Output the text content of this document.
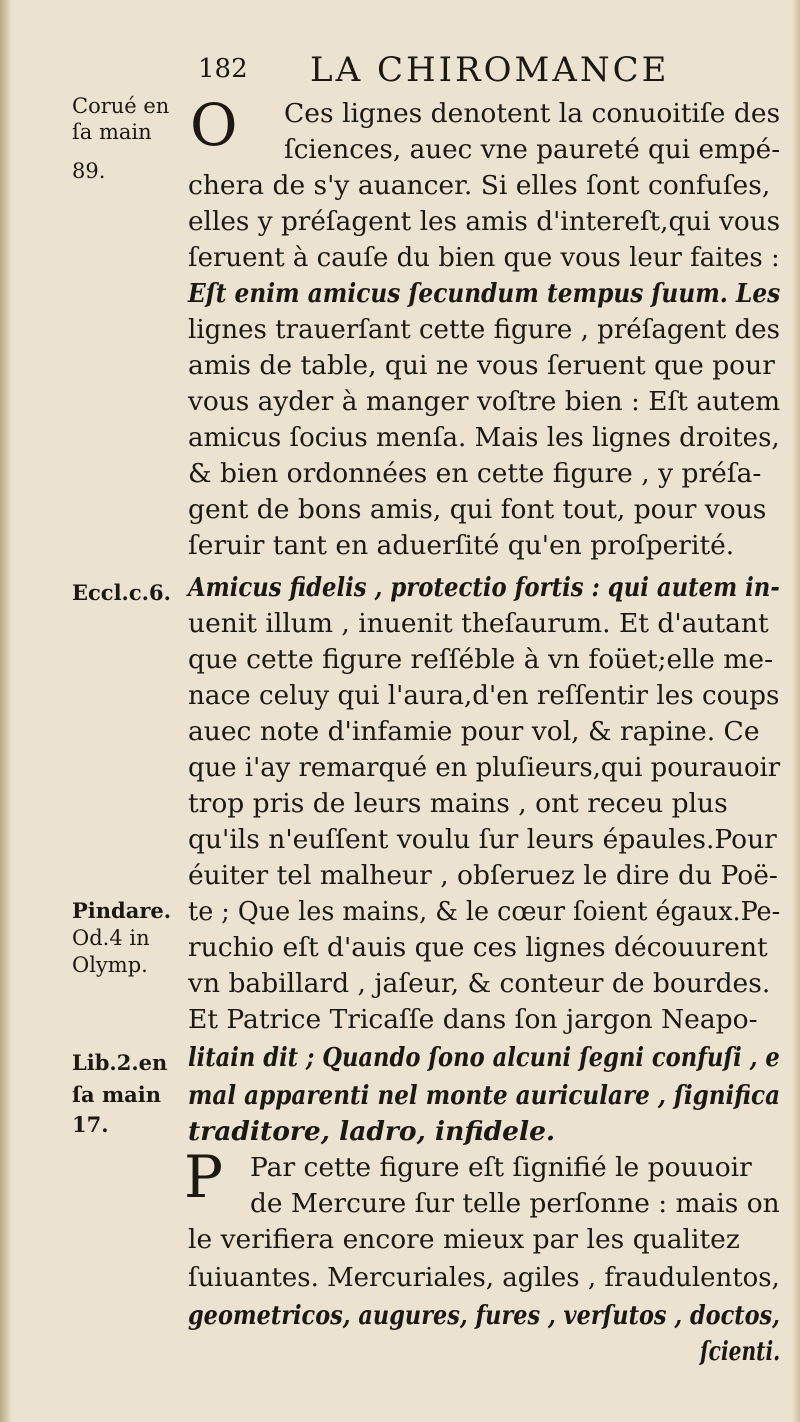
182 LA CHIROMANCE
Corué en
ſa main
89.
Eccl.c.6.
Pindare.
Od.4 in
Olymp.
Lib.2.en
ſa main
17.
O
P
Ces lignes denotent la conuoitiſe des
ſciences, auec vne paureté qui empé-
chera de s'y auancer. Si elles ſont confuſes,
elles y préſagent les amis d'intereſt,qui vous
ſeruent à cauſe du bien que vous leur faites :
Eſt enim amicus ſecundum tempus ſuum. Les
lignes trauerſant cette figure , préſagent des
amis de table, qui ne vous ſeruent que pour
vous ayder à manger voſtre bien : Eſt autem
amicus ſocius menſa. Mais les lignes droites,
& bien ordonnées en cette figure , y préſa-
gent de bons amis, qui font tout, pour vous
ſeruir tant en aduerſité qu'en proſperité.
Amicus fidelis , protectio fortis : qui autem in-
uenit illum , inuenit theſaurum. Et d'autant
que cette figure reſſéble à vn foüet;elle me-
nace celuy qui l'aura,d'en reſſentir les coups
auec note d'infamie pour vol, & rapine. Ce
que i'ay remarqué en pluſieurs,qui pourauoir
trop pris de leurs mains , ont receu plus
qu'ils n'euſſent voulu ſur leurs épaules.Pour
éuiter tel malheur , obſeruez le dire du Poë-
te ; Que les mains, & le cœur ſoient égaux.Pe-
ruchio eſt d'auis que ces lignes découurent
vn babillard , jaſeur, & conteur de bourdes.
Et Patrice Tricaſſe dans ſon jargon Neapo-
litain dit ; Quando ſono alcuni ſegni confuſi , e
mal apparenti nel monte auriculare , ſignifica
traditore, ladro, infidele.
Par cette figure eſt ſignifié le pouuoir
de Mercure ſur telle perſonne : mais on
le verifiera encore mieux par les qualitez
ſuiuantes. Mercuriales, agiles , fraudulentos,
geometricos, augures, fures , verſutos , doctos,
ſcienti.
